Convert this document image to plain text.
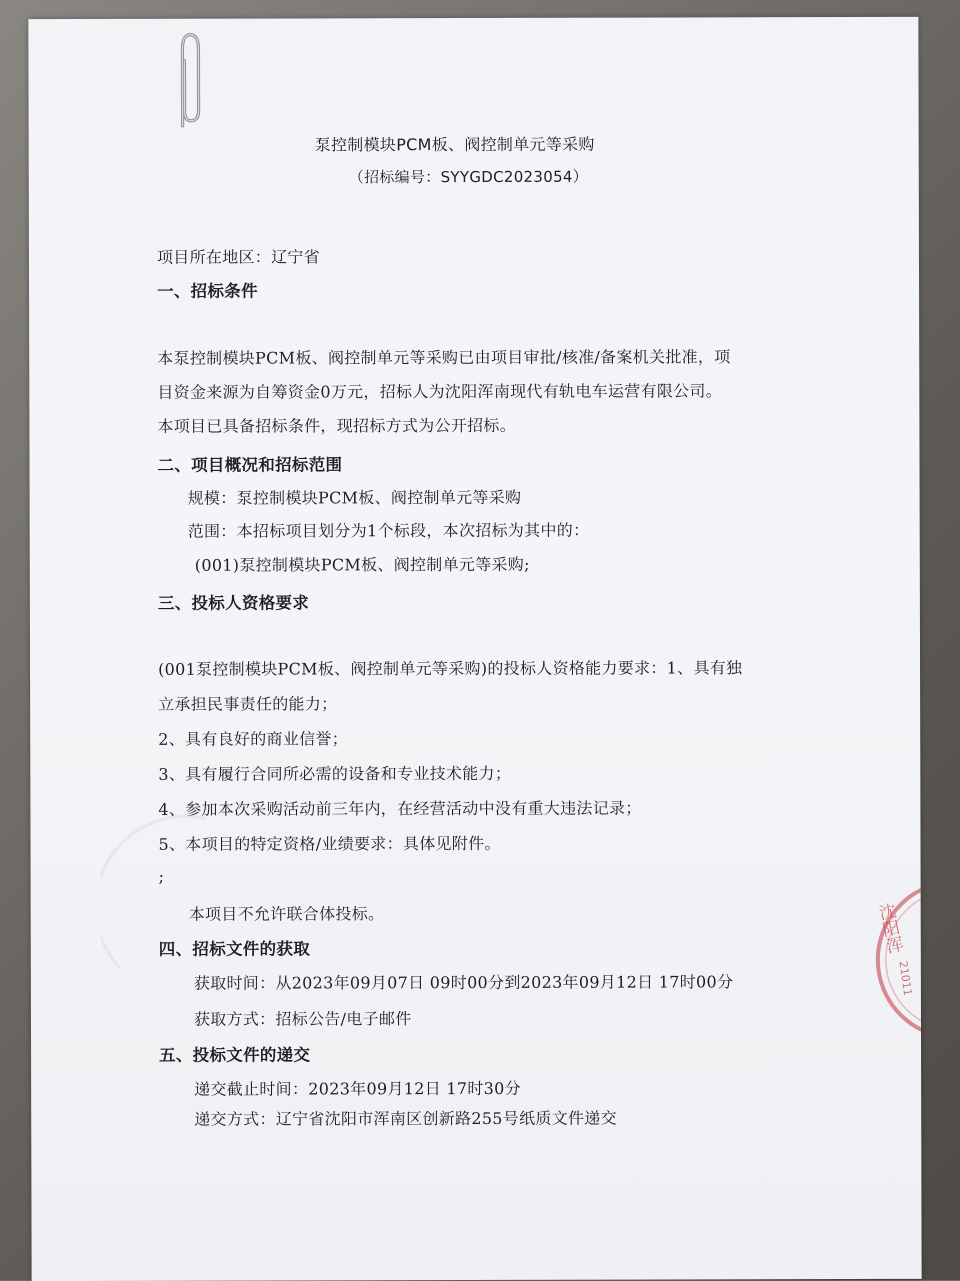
泵控制模块PCM板、阀控制单元等采购
（招标编号：SYYGDC2023054）
项目所在地区：辽宁省
一、招标条件
本泵控制模块PCM板、阀控制单元等采购已由项目审批/核准/备案机关批准，项
目资金来源为自筹资金0万元，招标人为沈阳浑南现代有轨电车运营有限公司。
本项目已具备招标条件，现招标方式为公开招标。
二、项目概况和招标范围
规模：泵控制模块PCM板、阀控制单元等采购
范围：本招标项目划分为1个标段，本次招标为其中的：
(001)泵控制模块PCM板、阀控制单元等采购;
三、投标人资格要求
(001泵控制模块PCM板、阀控制单元等采购)的投标人资格能力要求：1、具有独
立承担民事责任的能力；
2、具有良好的商业信誉；
3、具有履行合同所必需的设备和专业技术能力；
4、参加本次采购活动前三年内，在经营活动中没有重大违法记录；
5、本项目的特定资格/业绩要求：具体见附件。
;
本项目不允许联合体投标。
四、招标文件的获取
获取时间：从2023年09月07日 09时00分到2023年09月12日 17时00分
获取方式：招标公告/电子邮件
五、投标文件的递交
递交截止时间：2023年09月12日 17时30分
递交方式：辽宁省沈阳市浑南区创新路255号纸质文件递交
沈阳浑
21011
